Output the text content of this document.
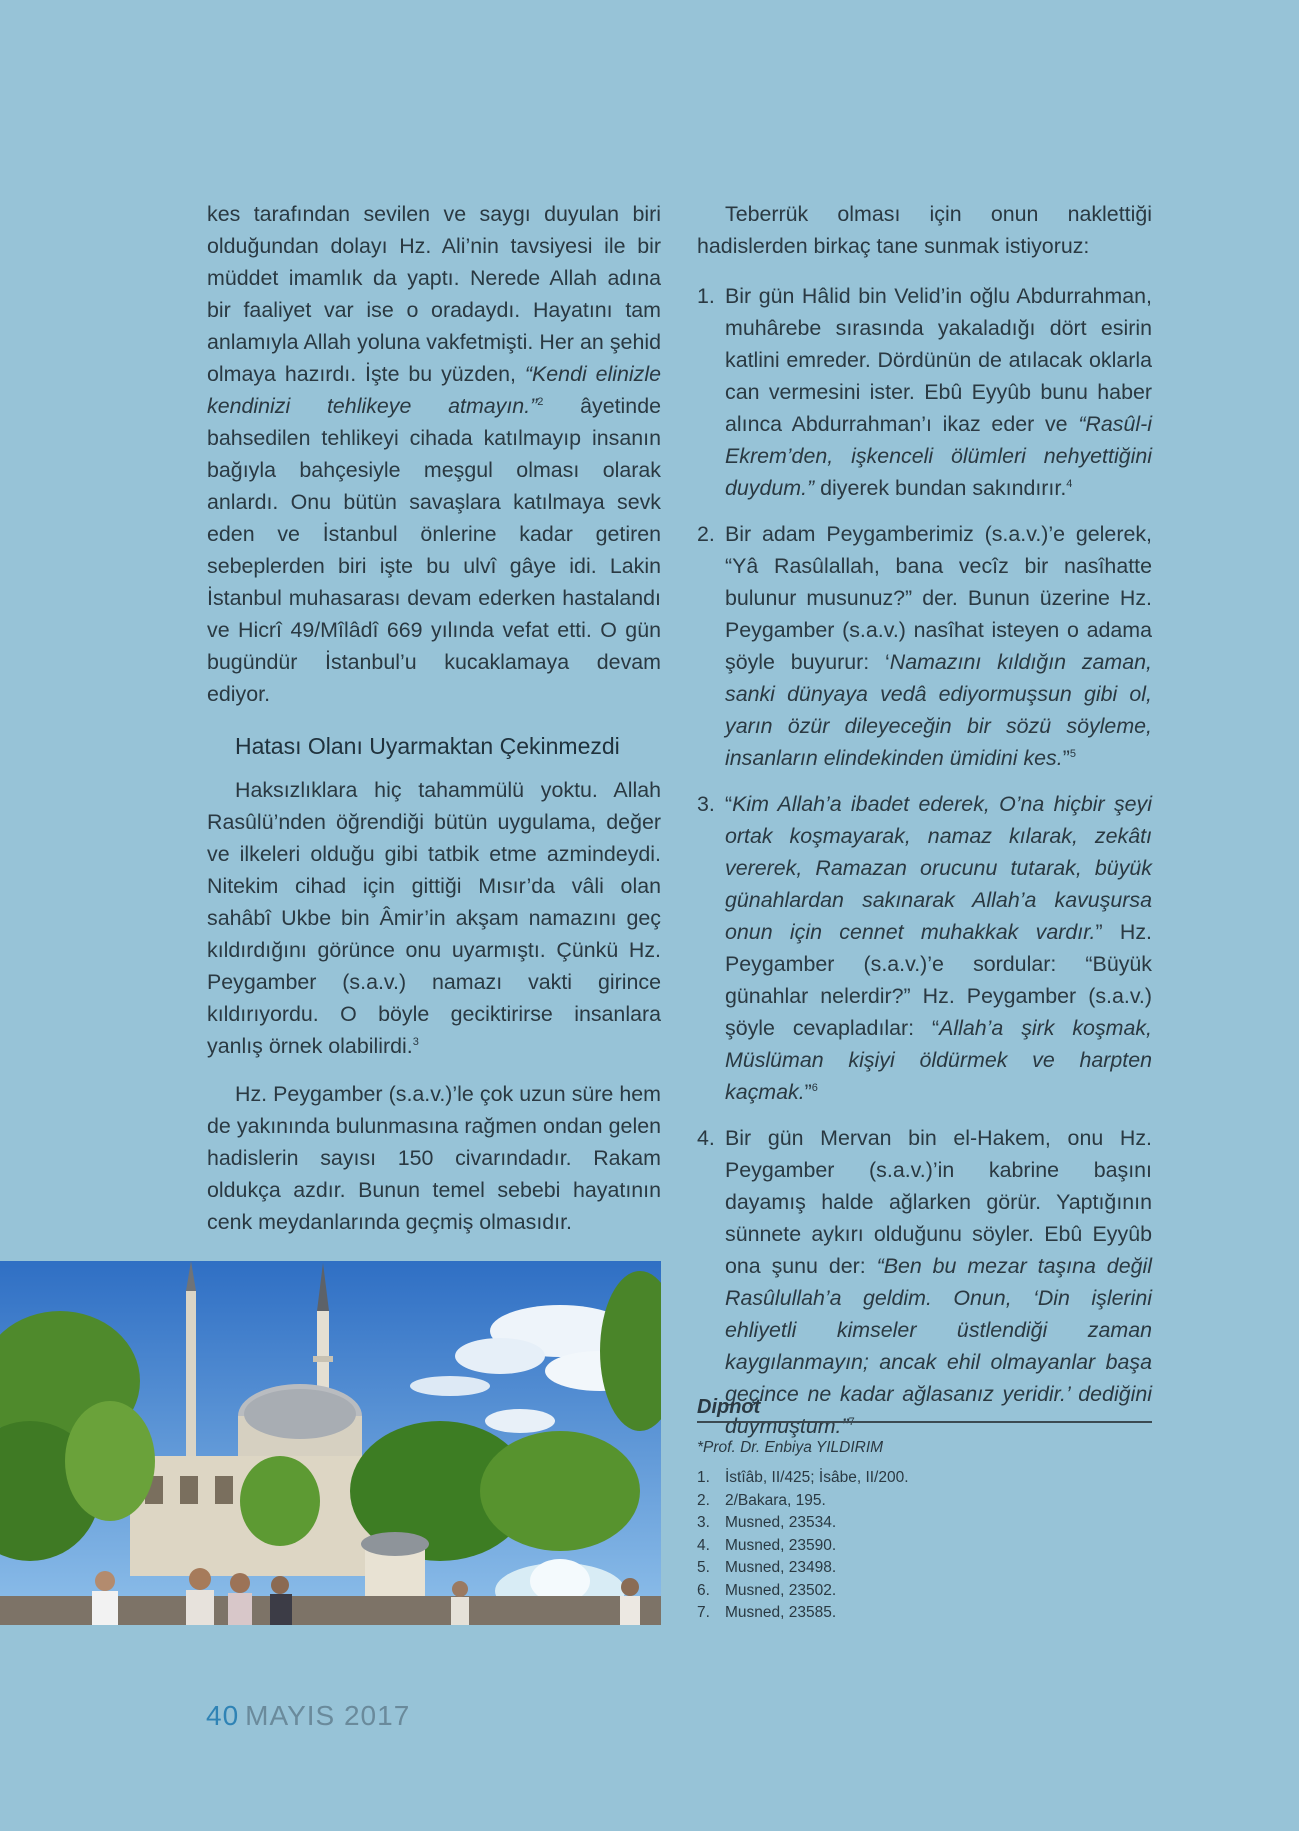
kes tarafından sevilen ve saygı duyulan biri olduğundan dolayı Hz. Ali’nin tavsiyesi ile bir müddet imamlık da yaptı. Nerede Allah adına bir faaliyet var ise o oradaydı. Hayatını tam anlamıyla Allah yoluna vakfetmişti. Her an şehid olmaya hazırdı. İşte bu yüzden, “Kendi elinizle kendinizi tehlikeye atmayın.”$^2$ âyetinde bahsedilen tehlikeyi cihada katılmayıp insanın bağıyla bahçesiyle meşgul olması olarak anlardı. Onu bütün savaşlara katılmaya sevk eden ve İstanbul önlerine kadar getiren sebeplerden biri işte bu ulvî gâye idi. Lakin İstanbul muhasarası devam ederken hastalandı ve Hicrî 49/Mîlâdî 669 yılında vefat etti. O gün bugündür İstanbul’u kucaklamaya devam ediyor.

Hatası Olanı Uyarmaktan Çekinmezdi

Haksızlıklara hiç tahammülü yoktu. Allah Rasûlü’nden öğrendiği bütün uygulama, değer ve ilkeleri olduğu gibi tatbik etme azmindeydi. Nitekim cihad için gittiği Mısır’da vâli olan sahâbî Ukbe bin Âmir’in akşam namazını geç kıldırdığını görünce onu uyarmıştı. Çünkü Hz. Peygamber (s.a.v.) namazı vakti girince kıldırıyordu. O böyle geciktirirse insanlara yanlış örnek olabilirdi.$^3$

Hz. Peygamber (s.a.v.)’le çok uzun süre hem de yakınında bulunmasına rağmen ondan gelen hadislerin sayısı 150 civarındadır. Rakam oldukça azdır. Bunun temel sebebi hayatının cenk meydanlarında geçmiş olmasıdır.

Teberrük olması için onun naklettiği hadislerden birkaç tane sunmak istiyoruz:

1. Bir gün Hâlid bin Velid’in oğlu Abdurrahman, muhârebe sırasında yakaladığı dört esirin katlini emreder. Dördünün de atılacak oklarla can vermesini ister. Ebû Eyyûb bunu haber alınca Abdurrahman’ı ikaz eder ve “Rasûl-i Ekrem’den, işkenceli ölümleri nehyettiğini duydum.” diyerek bundan sakındırır.$^4$
2. Bir adam Peygamberimiz (s.a.v.)’e gelerek, “Yâ Rasûlallah, bana vecîz bir nasîhatte bulunur musunuz?” der. Bunun üzerine Hz. Peygamber (s.a.v.) nasîhat isteyen o adama şöyle buyurur: ‘Namazını kıldığın zaman, sanki dünyaya vedâ ediyormuşsun gibi ol, yarın özür dileyeceğin bir sözü söyleme, insanların elindekinden ümidini kes.”$^5$
3. “Kim Allah’a ibadet ederek, O’na hiçbir şeyi ortak koşmayarak, namaz kılarak, zekâtı vererek, Ramazan orucunu tutarak, büyük günahlardan sakınarak Allah’a kavuşursa onun için cennet muhakkak vardır.” Hz. Peygamber (s.a.v.)’e sordular: “Büyük günahlar nelerdir?” Hz. Peygamber (s.a.v.) şöyle cevapladılar: “Allah’a şirk koşmak, Müslüman kişiyi öldürmek ve harpten kaçmak.”$^6$
4. Bir gün Mervan bin el-Hakem, onu Hz. Peygamber (s.a.v.)’in kabrine başını dayamış halde ağlarken görür. Yaptığının sünnete aykırı olduğunu söyler. Ebû Eyyûb ona şunu der: “Ben bu mezar taşına değil Rasûlullah’a geldim. Onun, ‘Din işlerini ehliyetli kimseler üstlendiği zaman kaygılanmayın; ancak ehil olmayanlar başa geçince ne kadar ağlasanız yeridir.’ dediğini duymuştum.”$^7$

Dipnot

*Prof. Dr. Enbiya YILDIRIM

1. İstîâb, II/425; İsâbe, II/200.
2. 2/Bakara, 195.
3. Musned, 23534.
4. Musned, 23590.
5. Musned, 23498.
6. Musned, 23502.
7. Musned, 23585.
40 MAYIS 2017
